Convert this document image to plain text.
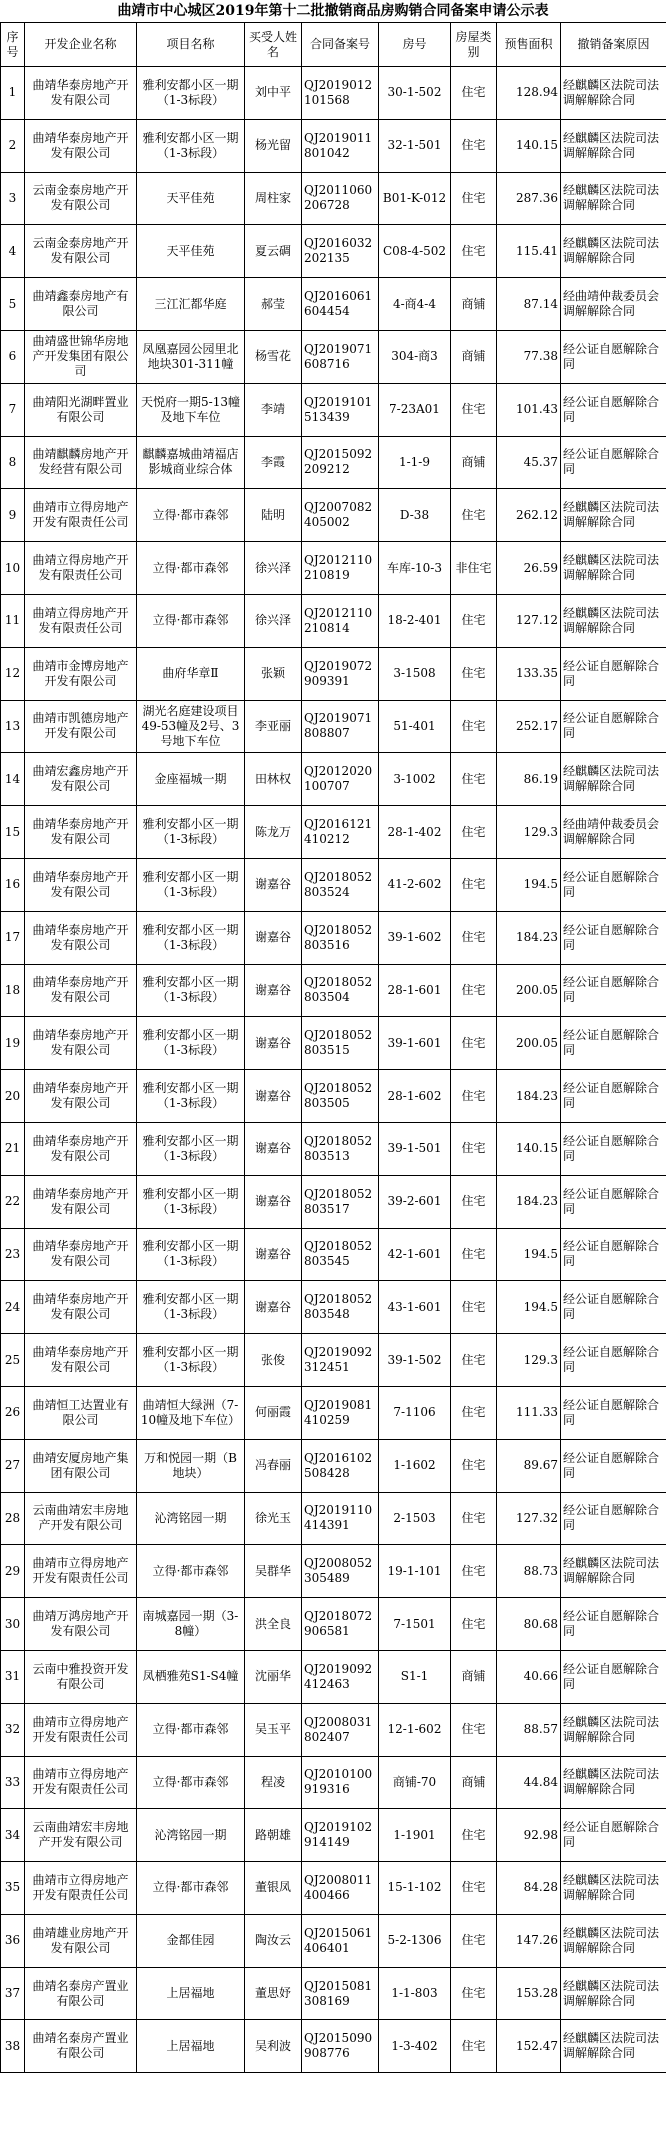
曲靖市中心城区2019年第十二批撤销商品房购销合同备案申请公示表
序号	开发企业名称	项目名称	买受人姓名	合同备案号	房号	房屋类别	预售面积	撤销备案原因
1	曲靖华泰房地产开发有限公司	雅利安都小区一期（1-3标段）	刘中平	QJ2019012101568	30-1-502	住宅	128.94	经麒麟区法院司法调解解除合同
2	曲靖华泰房地产开发有限公司	雅利安都小区一期（1-3标段）	杨光留	QJ2019011801042	32-1-501	住宅	140.15	经麒麟区法院司法调解解除合同
3	云南金泰房地产开发有限公司	天平佳苑	周柱家	QJ2011060206728	B01-K-012	住宅	287.36	经麒麟区法院司法调解解除合同
4	云南金泰房地产开发有限公司	天平佳苑	夏云碉	QJ2016032202135	C08-4-502	住宅	115.41	经麒麟区法院司法调解解除合同
5	曲靖鑫泰房地产有限公司	三江汇都华庭	郝莹	QJ2016061604454	4-商4-4	商铺	87.14	经曲靖仲裁委员会调解解除合同
6	曲靖盛世锦华房地产开发集团有限公司	凤凰嘉园公园里北地块301-311幢	杨雪花	QJ2019071608716	304-商3	商铺	77.38	经公证自愿解除合同
7	曲靖阳光湖畔置业有限公司	天悦府一期5-13幢及地下车位	李靖	QJ2019101513439	7-23A01	住宅	101.43	经公证自愿解除合同
8	曲靖麒麟房地产开发经营有限公司	麒麟嘉城曲靖福店影城商业综合体	李霞	QJ2015092209212	1-1-9	商铺	45.37	经公证自愿解除合同
9	曲靖市立得房地产开发有限责任公司	立得·都市森邻	陆明	QJ2007082405002	D-38	住宅	262.12	经麒麟区法院司法调解解除合同
10	曲靖立得房地产开发有限责任公司	立得·都市森邻	徐兴泽	QJ2012110210819	车库-10-3	非住宅	26.59	经麒麟区法院司法调解解除合同
11	曲靖立得房地产开发有限责任公司	立得·都市森邻	徐兴泽	QJ2012110210814	18-2-401	住宅	127.12	经麒麟区法院司法调解解除合同
12	曲靖市金博房地产开发有限公司	曲府华章Ⅱ	张颖	QJ2019072909391	3-1508	住宅	133.35	经公证自愿解除合同
13	曲靖市凯德房地产开发有限公司	湖光名庭建设项目49-53幢及2号、3号地下车位	李亚丽	QJ2019071808807	51-401	住宅	252.17	经公证自愿解除合同
14	曲靖宏鑫房地产开发有限公司	金座福城一期	田林权	QJ2012020100707	3-1002	住宅	86.19	经麒麟区法院司法调解解除合同
15	曲靖华泰房地产开发有限公司	雅利安都小区一期（1-3标段）	陈龙万	QJ2016121410212	28-1-402	住宅	129.3	经曲靖仲裁委员会调解解除合同
16	曲靖华泰房地产开发有限公司	雅利安都小区一期（1-3标段）	谢嘉谷	QJ2018052803524	41-2-602	住宅	194.5	经公证自愿解除合同
17	曲靖华泰房地产开发有限公司	雅利安都小区一期（1-3标段）	谢嘉谷	QJ2018052803516	39-1-602	住宅	184.23	经公证自愿解除合同
18	曲靖华泰房地产开发有限公司	雅利安都小区一期（1-3标段）	谢嘉谷	QJ2018052803504	28-1-601	住宅	200.05	经公证自愿解除合同
19	曲靖华泰房地产开发有限公司	雅利安都小区一期（1-3标段）	谢嘉谷	QJ2018052803515	39-1-601	住宅	200.05	经公证自愿解除合同
20	曲靖华泰房地产开发有限公司	雅利安都小区一期（1-3标段）	谢嘉谷	QJ2018052803505	28-1-602	住宅	184.23	经公证自愿解除合同
21	曲靖华泰房地产开发有限公司	雅利安都小区一期（1-3标段）	谢嘉谷	QJ2018052803513	39-1-501	住宅	140.15	经公证自愿解除合同
22	曲靖华泰房地产开发有限公司	雅利安都小区一期（1-3标段）	谢嘉谷	QJ2018052803517	39-2-601	住宅	184.23	经公证自愿解除合同
23	曲靖华泰房地产开发有限公司	雅利安都小区一期（1-3标段）	谢嘉谷	QJ2018052803545	42-1-601	住宅	194.5	经公证自愿解除合同
24	曲靖华泰房地产开发有限公司	雅利安都小区一期（1-3标段）	谢嘉谷	QJ2018052803548	43-1-601	住宅	194.5	经公证自愿解除合同
25	曲靖华泰房地产开发有限公司	雅利安都小区一期（1-3标段）	张俊	QJ2019092312451	39-1-502	住宅	129.3	经公证自愿解除合同
26	曲靖恒工达置业有限公司	曲靖恒大绿洲（7-10幢及地下车位）	何丽霞	QJ2019081410259	7-1106	住宅	111.33	经公证自愿解除合同
27	曲靖安厦房地产集团有限公司	万和悦园一期（B地块）	冯春丽	QJ2016102508428	1-1602	住宅	89.67	经公证自愿解除合同
28	云南曲靖宏丰房地产开发有限公司	沁湾铭园一期	徐光玉	QJ2019110414391	2-1503	住宅	127.32	经公证自愿解除合同
29	曲靖市立得房地产开发有限责任公司	立得·都市森邻	吴群华	QJ2008052305489	19-1-101	住宅	88.73	经麒麟区法院司法调解解除合同
30	曲靖万鸿房地产开发有限公司	南城嘉园一期（3-8幢）	洪全良	QJ2018072906581	7-1501	住宅	80.68	经公证自愿解除合同
31	云南中雅投资开发有限公司	凤栖雅苑S1-S4幢	沈丽华	QJ2019092412463	S1-1	商铺	40.66	经公证自愿解除合同
32	曲靖市立得房地产开发有限责任公司	立得·都市森邻	吴玉平	QJ2008031802407	12-1-602	住宅	88.57	经麒麟区法院司法调解解除合同
33	曲靖市立得房地产开发有限责任公司	立得·都市森邻	程凌	QJ2010100919316	商铺-70	商铺	44.84	经麒麟区法院司法调解解除合同
34	云南曲靖宏丰房地产开发有限公司	沁湾铭园一期	路朝雄	QJ2019102914149	1-1901	住宅	92.98	经公证自愿解除合同
35	曲靖市立得房地产开发有限责任公司	立得·都市森邻	董银凤	QJ2008011400466	15-1-102	住宅	84.28	经麒麟区法院司法调解解除合同
36	曲靖雄业房地产开发有限公司	金都佳园	陶汝云	QJ2015061406401	5-2-1306	住宅	147.26	经麒麟区法院司法调解解除合同
37	曲靖名泰房产置业有限公司	上居福地	董思妤	QJ2015081308169	1-1-803	住宅	153.28	经麒麟区法院司法调解解除合同
38	曲靖名泰房产置业有限公司	上居福地	吴利波	QJ2015090908776	1-3-402	住宅	152.47	经麒麟区法院司法调解解除合同
